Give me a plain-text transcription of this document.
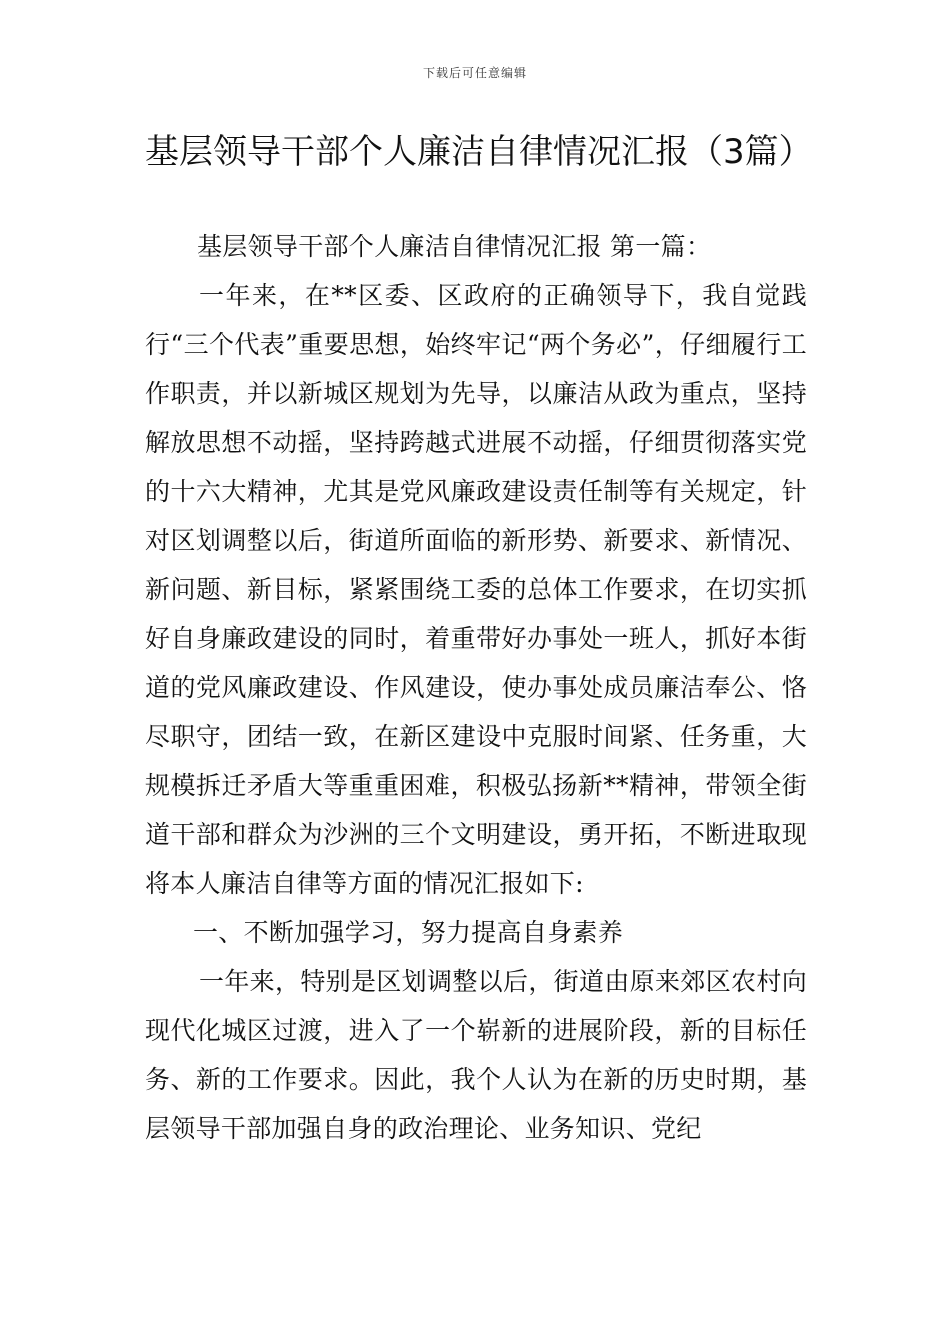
下载后可任意编辑
基层领导干部个人廉洁自律情况汇报（3篇）

基层领导干部个人廉洁自律情况汇报 第一篇：

一年来，在**区委、区政府的正确领导下，我自觉践行“三个代表”重要思想，始终牢记“两个务必”，仔细履行工作职责，并以新城区规划为先导，以廉洁从政为重点，坚持解放思想不动摇，坚持跨越式进展不动摇，仔细贯彻落实党的十六大精神，尤其是党风廉政建设责任制等有关规定，针对区划调整以后，街道所面临的新形势、新要求、新情况、新问题、新目标，紧紧围绕工委的总体工作要求，在切实抓好自身廉政建设的同时，着重带好办事处一班人，抓好本街道的党风廉政建设、作风建设，使办事处成员廉洁奉公、恪尽职守，团结一致，在新区建设中克服时间紧、任务重，大规模拆迁矛盾大等重重困难，积极弘扬新**精神，带领全街道干部和群众为沙洲的三个文明建设，勇开拓，不断进取现将本人廉洁自律等方面的情况汇报如下:

一、不断加强学习，努力提高自身素养

一年来，特别是区划调整以后，街道由原来郊区农村向现代化城区过渡，进入了一个崭新的进展阶段，新的目标任务、新的工作要求。因此，我个人认为在新的历史时期，基层领导干部加强自身的政治理论、业务知识、党纪
